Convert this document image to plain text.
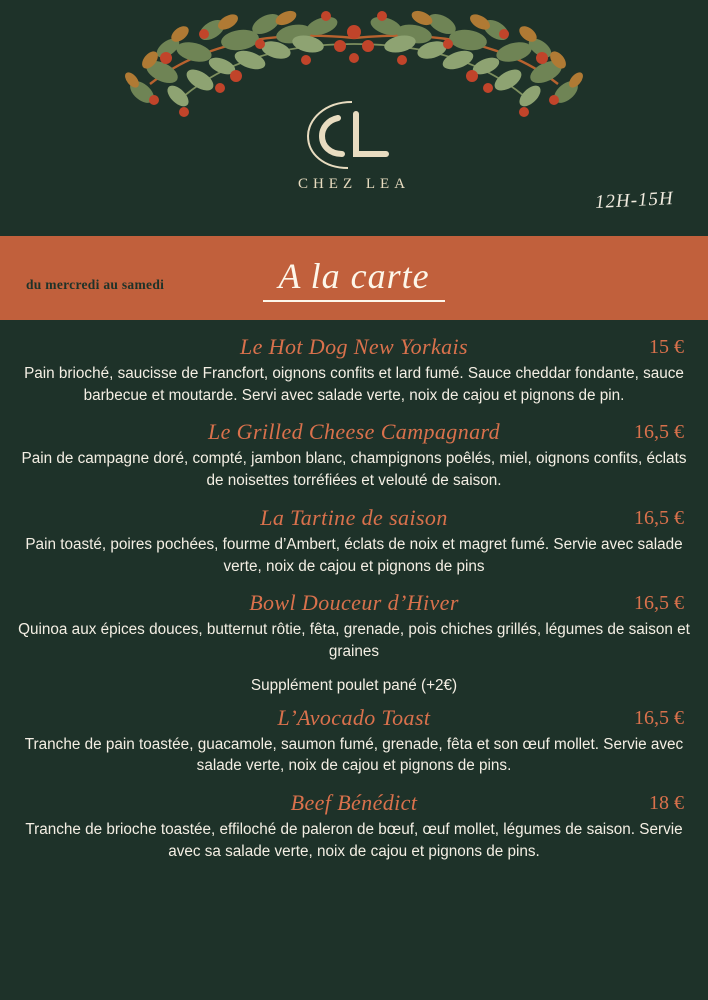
CHEZ LEA
12H-15H
du mercredi au samedi	A la carte
Le Hot Dog New Yorkais	15 €
Pain brioché, saucisse de Francfort, oignons confits et lard fumé. Sauce cheddar fondante, sauce barbecue et moutarde. Servi avec salade verte, noix de cajou et pignons de pin.
Le Grilled Cheese Campagnard	16,5 €
Pain de campagne doré, compté, jambon blanc, champignons poêlés, miel, oignons confits, éclats de noisettes torréfiées et velouté de saison.
La Tartine de saison	16,5 €
Pain toasté, poires pochées, fourme d’Ambert, éclats de noix et magret fumé. Servie avec salade verte, noix de cajou et pignons de pins
Bowl Douceur d’Hiver	16,5 €
Quinoa aux épices douces, butternut rôtie, fêta, grenade, pois chiches grillés, légumes de saison et graines
Supplément poulet pané (+2€)
L’Avocado Toast	16,5 €
Tranche de pain toastée, guacamole, saumon fumé, grenade, fêta et son œuf mollet. Servie avec salade verte, noix de cajou et pignons de pins.
Beef Bénédict	18 €
Tranche de brioche toastée, effiloché de paleron de bœuf, œuf mollet, légumes de saison. Servie avec sa salade verte, noix de cajou et pignons de pins.
